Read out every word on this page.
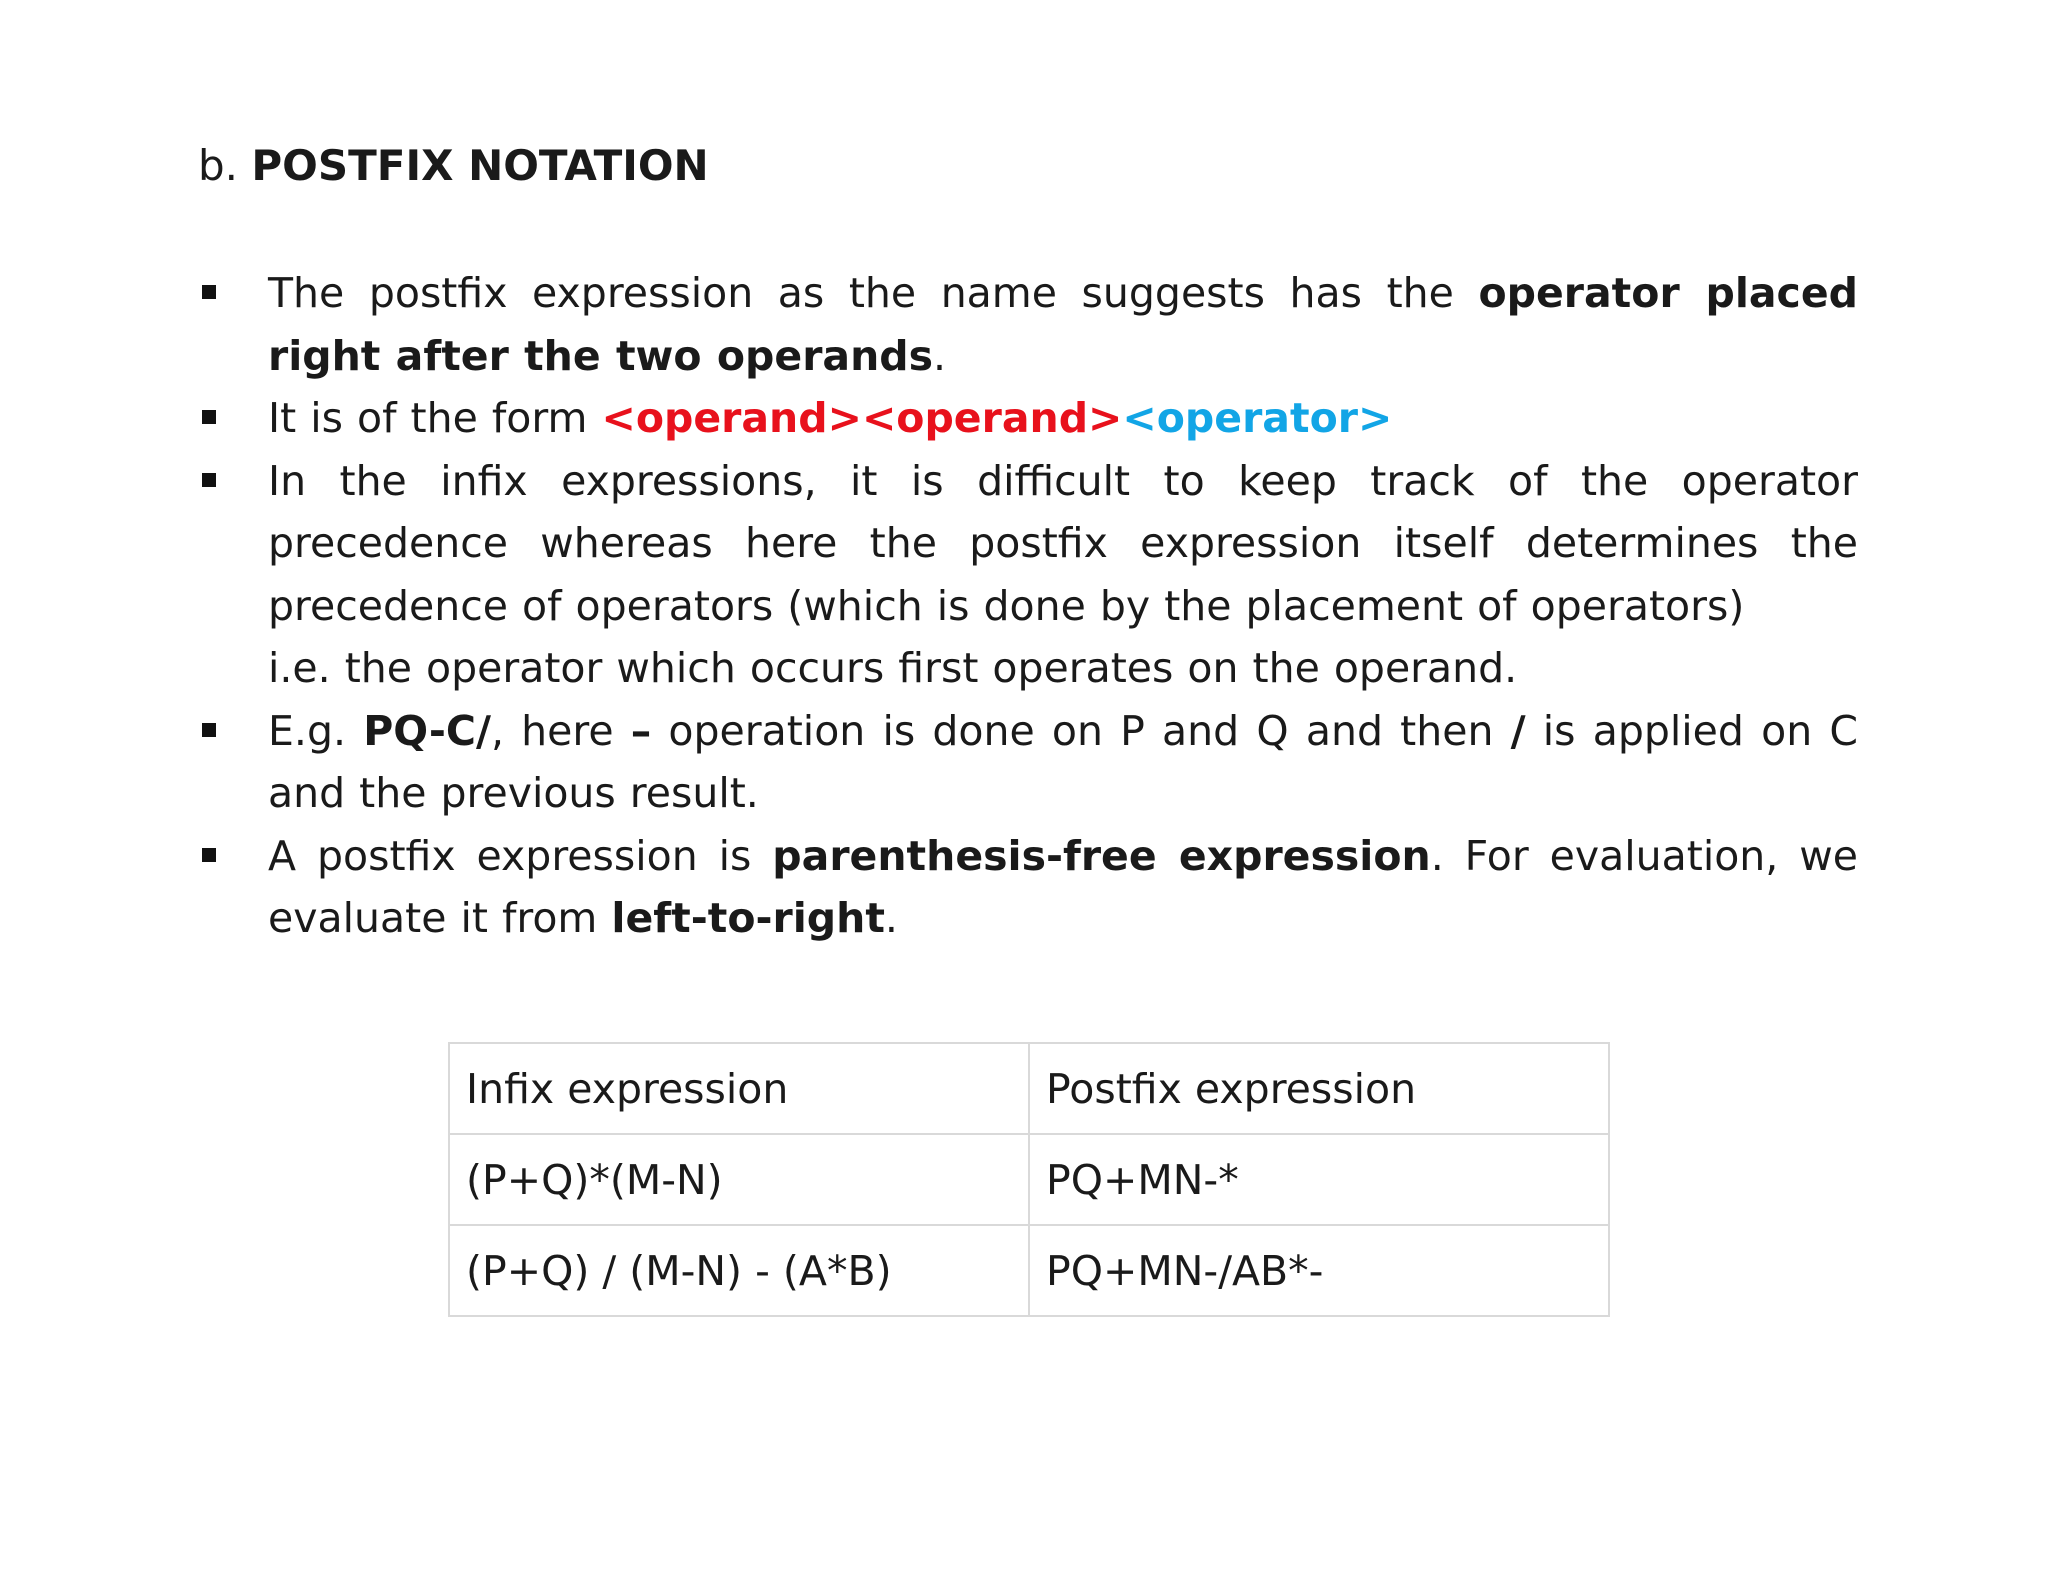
b. POSTFIX NOTATION
The postfix expression as the name suggests has the operator placed right after the two operands.
It is of the form <operand><operand><operator>
In the infix expressions, it is difficult to keep track of the operator precedence whereas here the postfix expression itself determines the precedence of operators (which is done by the placement of operators)
i.e. the operator which occurs first operates on the operand.
E.g. PQ-C/, here – operation is done on P and Q and then / is applied on C and the previous result.
A postfix expression is parenthesis-free expression. For evaluation, we evaluate it from left-to-right.
Infix expression	Postfix expression
(P+Q)*(M-N)	PQ+MN-*
(P+Q) / (M-N) - (A*B)	PQ+MN-/AB*-
